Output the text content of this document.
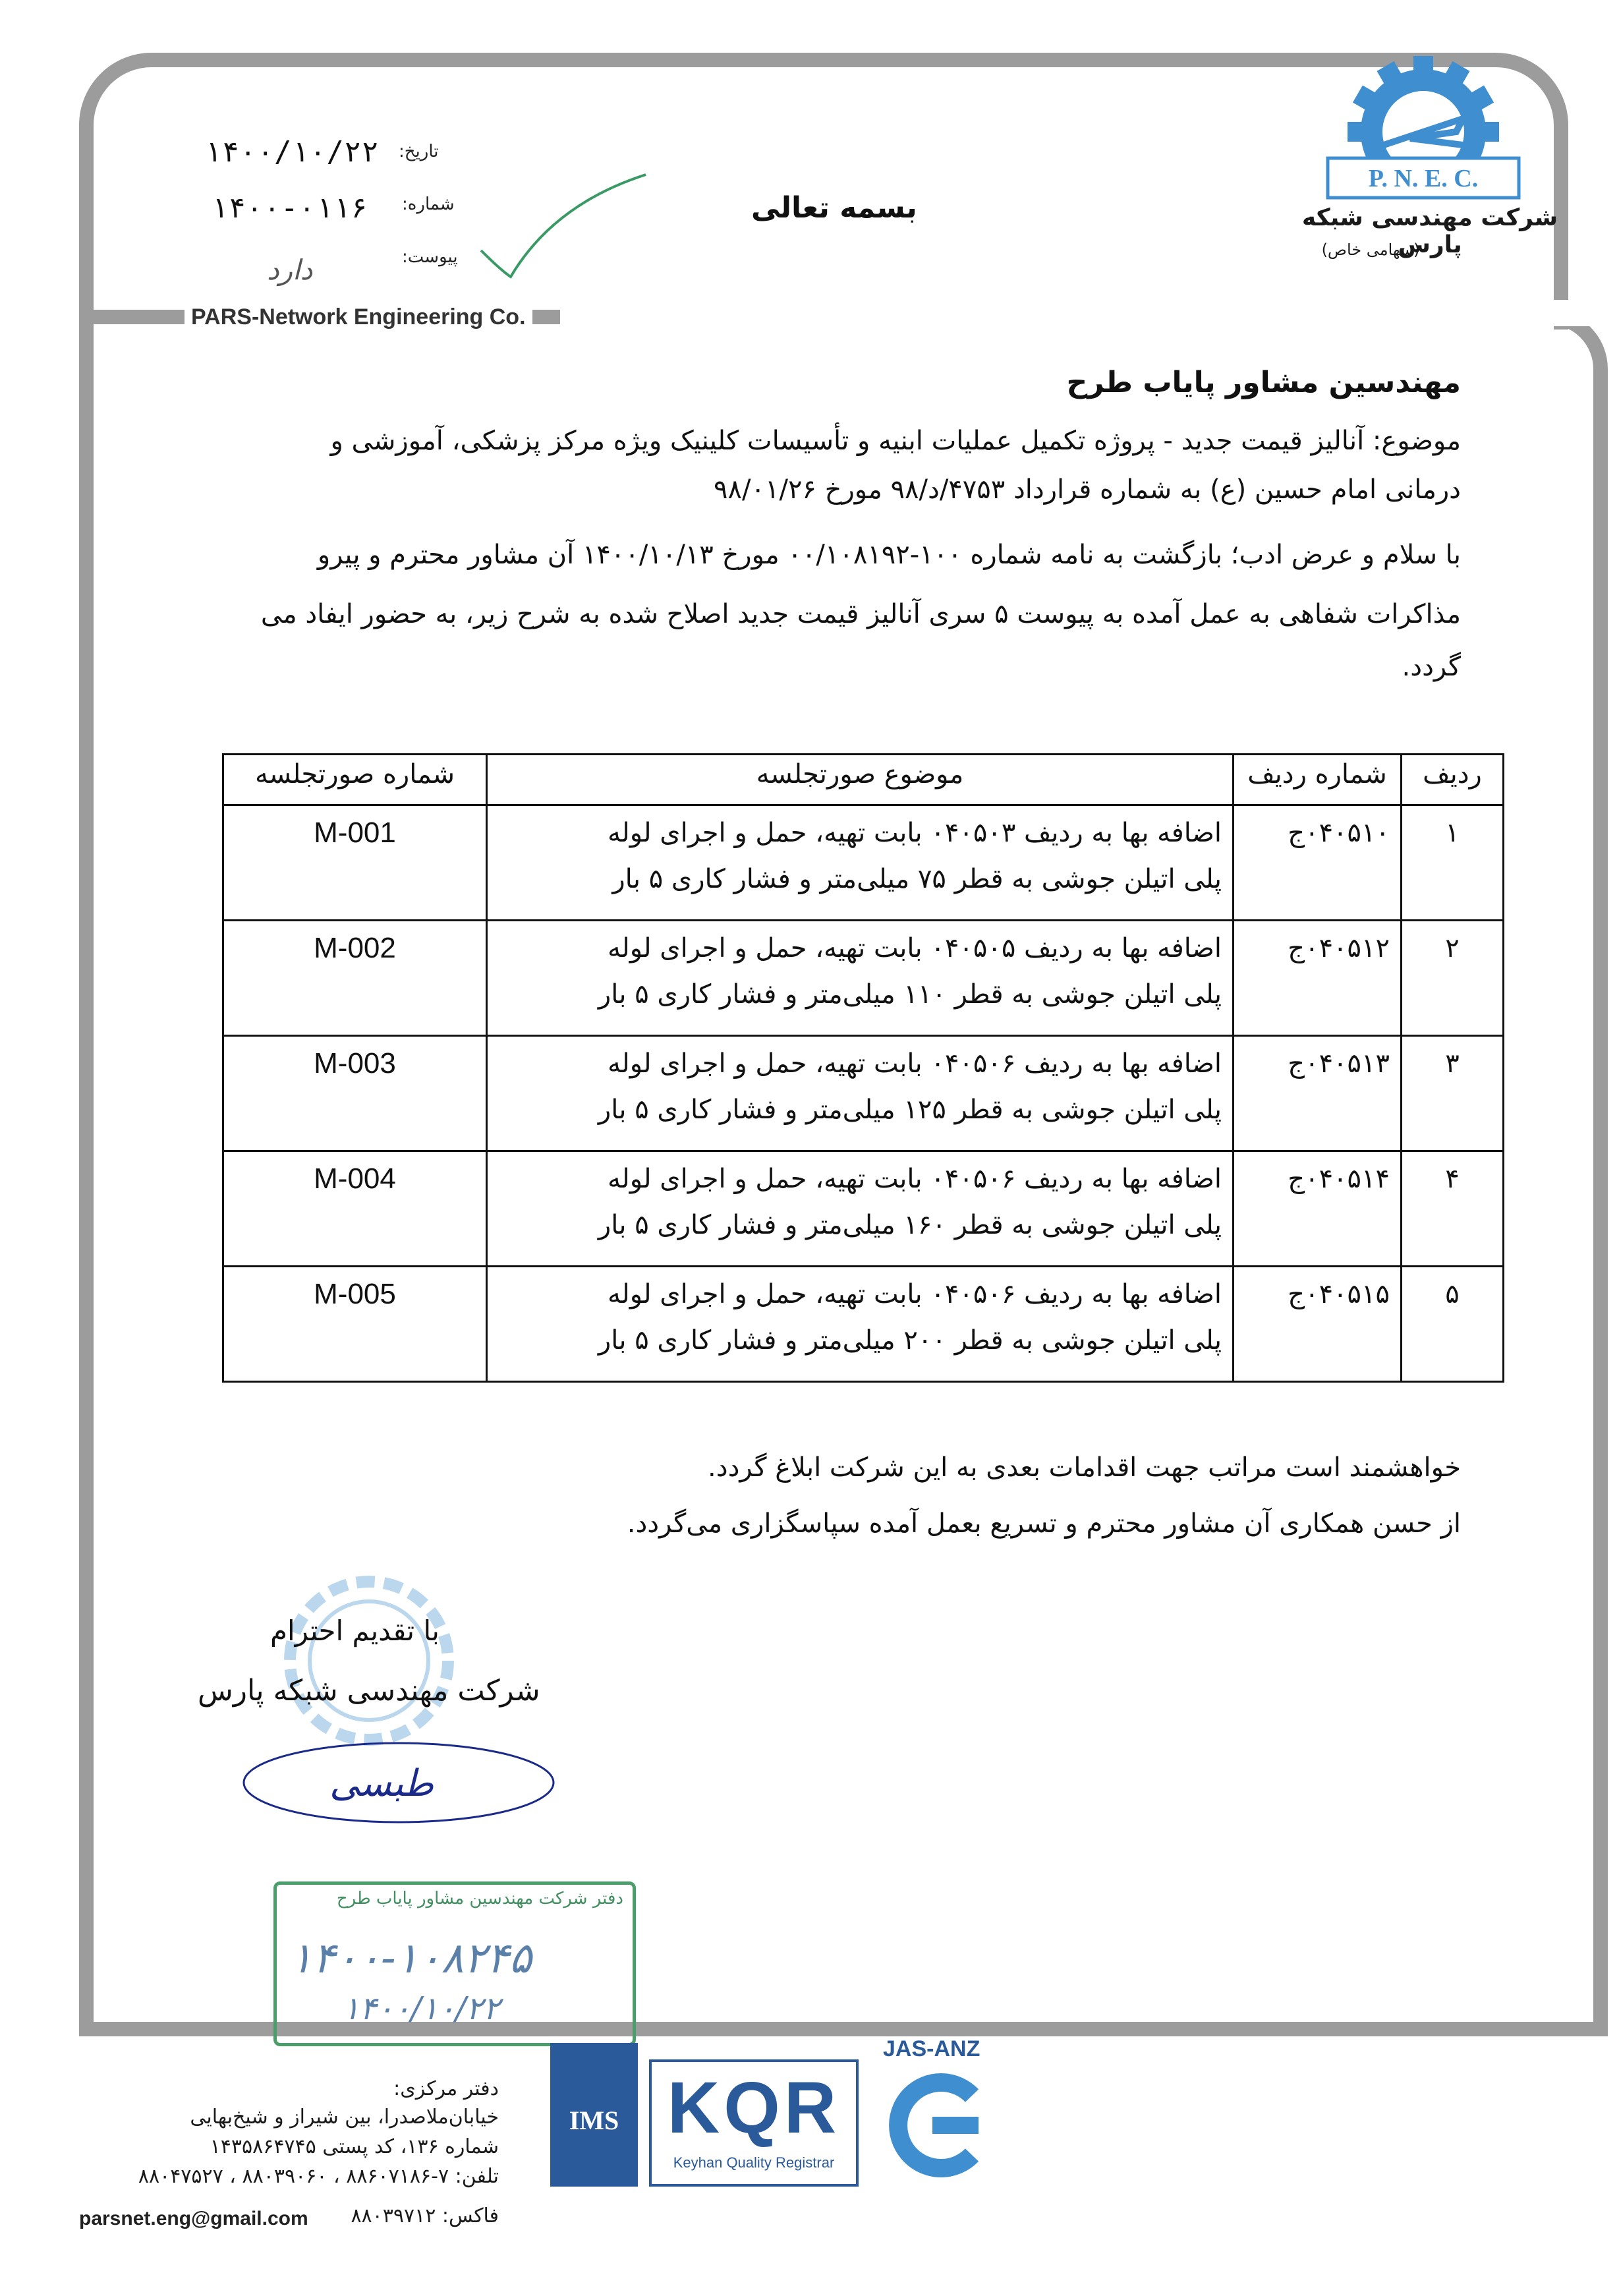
PARS-Network Engineering Co.
P. N. E. C.
شرکت مهندسی شبکه پارس
(سهامی خاص)
تاریخ:
۱۴۰۰/۱۰/۲۲
شماره:
۱۴۰۰-۰۱۱۶
پیوست:
دارد
بسمه تعالی
مهندسین مشاور پایاب طرح
موضوع: آنالیز قیمت جدید - پروژه تکمیل عملیات ابنیه و تأسیسات کلینیک ویژه مرکز پزشکی، آموزشی و
درمانی امام حسین (ع) به شماره قرارداد ۴۷۵۳/د/۹۸ مورخ ۹۸/۰۱/۲۶
با سلام و عرض ادب؛ بازگشت به نامه شماره ۱۰۰-۰۰/۱۰۸۱۹۲ مورخ ۱۴۰۰/۱۰/۱۳ آن مشاور محترم و پیرو
مذاکرات شفاهی به عمل آمده به پیوست ۵ سری آنالیز قیمت جدید اصلاح شده به شرح زیر، به حضور ایفاد می
گردد.
ردیف	شماره ردیف	موضوع صورتجلسه	شماره صورتجلسه
۱	۰۴۰۵۱۰ج	اضافه بها به ردیف ۰۴۰۵۰۳ بابت تهیه، حمل و اجرای لوله
پلی اتیلن جوشی به قطر ۷۵ میلی‌متر و فشار کاری ۵ بار	M-001
۲	۰۴۰۵۱۲ج	اضافه بها به ردیف ۰۴۰۵۰۵ بابت تهیه، حمل و اجرای لوله
پلی اتیلن جوشی به قطر ۱۱۰ میلی‌متر و فشار کاری ۵ بار	M-002
۳	۰۴۰۵۱۳ج	اضافه بها به ردیف ۰۴۰۵۰۶ بابت تهیه، حمل و اجرای لوله
پلی اتیلن جوشی به قطر ۱۲۵ میلی‌متر و فشار کاری ۵ بار	M-003
۴	۰۴۰۵۱۴ج	اضافه بها به ردیف ۰۴۰۵۰۶ بابت تهیه، حمل و اجرای لوله
پلی اتیلن جوشی به قطر ۱۶۰ میلی‌متر و فشار کاری ۵ بار	M-004
۵	۰۴۰۵۱۵ج	اضافه بها به ردیف ۰۴۰۵۰۶ بابت تهیه، حمل و اجرای لوله
پلی اتیلن جوشی به قطر ۲۰۰ میلی‌متر و فشار کاری ۵ بار	M-005
خواهشمند است مراتب جهت اقدامات بعدی به این شرکت ابلاغ گردد.
از حسن همکاری آن مشاور محترم و تسریع بعمل آمده سپاسگزاری می‌گردد.
با تقدیم احترام
شرکت مهندسی شبکه پارس
طبسی
دفتر شرکت مهندسین مشاور پایاب طرح
۱۴۰۰-۱۰۸۲۴۵
۱۴۰۰/۱۰/۲۲
دفتر مرکزی:
خیابان‌ملاصدرا، بین شیراز و شیخ‌بهایی
شماره ۱۳۶، کد پستی ۱۴۳۵۸۶۴۷۴۵
تلفن: ۷-۸۸۶۰۷۱۸۶ ، ۸۸۰۳۹۰۶۰ ، ۸۸۰۴۷۵۲۷
فاکس: ۸۸۰۳۹۷۱۲
parsnet.eng@gmail.com
IMS KQR
Keyhan Quality Registrar
JAS-ANZ
